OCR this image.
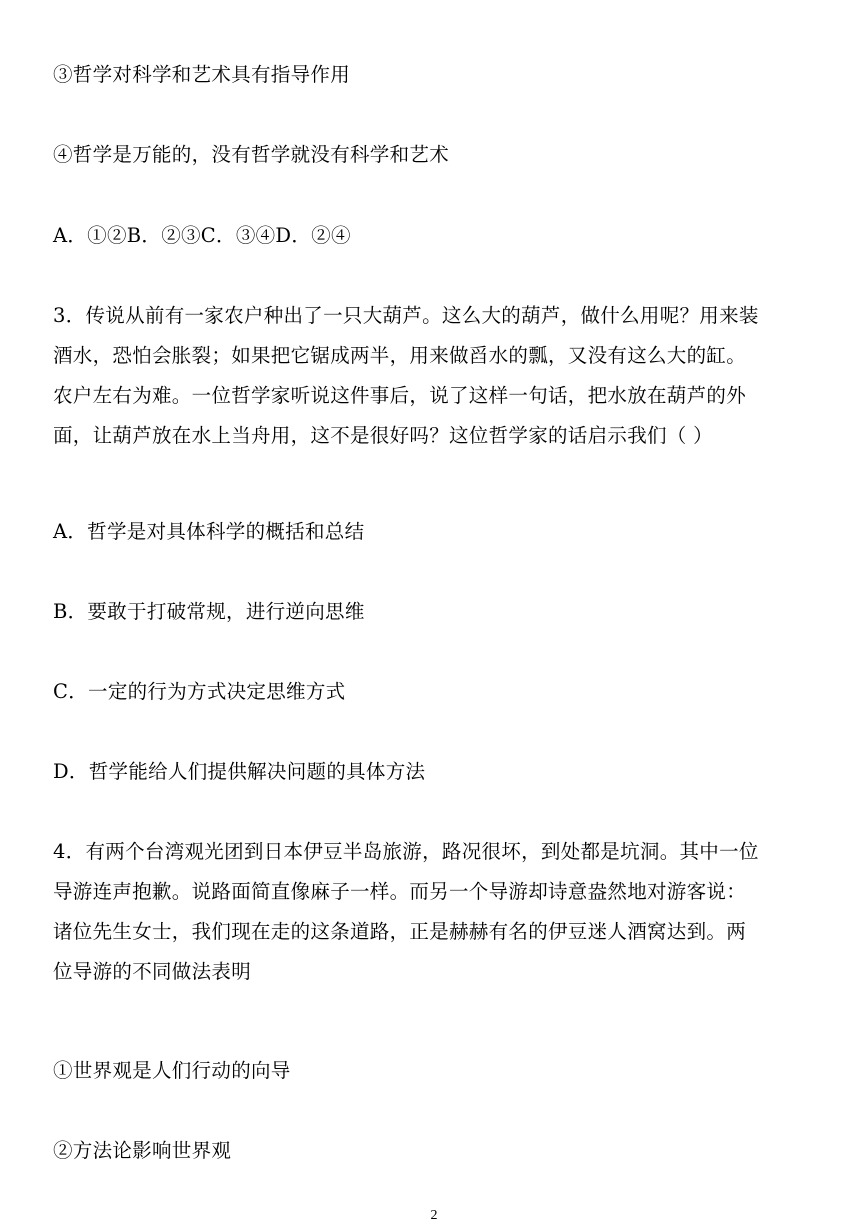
③哲学对科学和艺术具有指导作用
④哲学是万能的，没有哲学就没有科学和艺术
A．①②B．②③C．③④D．②④
3．传说从前有一家农户种出了一只大葫芦。这么大的葫芦，做什么用呢？用来装
酒水，恐怕会胀裂；如果把它锯成两半，用来做舀水的瓢，又没有这么大的缸。
农户左右为难。一位哲学家听说这件事后，说了这样一句话，把水放在葫芦的外
面，让葫芦放在水上当舟用，这不是很好吗？这位哲学家的话启示我们（ ）
A．哲学是对具体科学的概括和总结
B．要敢于打破常规，进行逆向思维
C．一定的行为方式决定思维方式
D．哲学能给人们提供解决问题的具体方法
4．有两个台湾观光团到日本伊豆半岛旅游，路况很坏，到处都是坑洞。其中一位
导游连声抱歉。说路面简直像麻子一样。而另一个导游却诗意盎然地对游客说：
诸位先生女士，我们现在走的这条道路，正是赫赫有名的伊豆迷人酒窝达到。两
位导游的不同做法表明
①世界观是人们行动的向导
②方法论影响世界观
2
